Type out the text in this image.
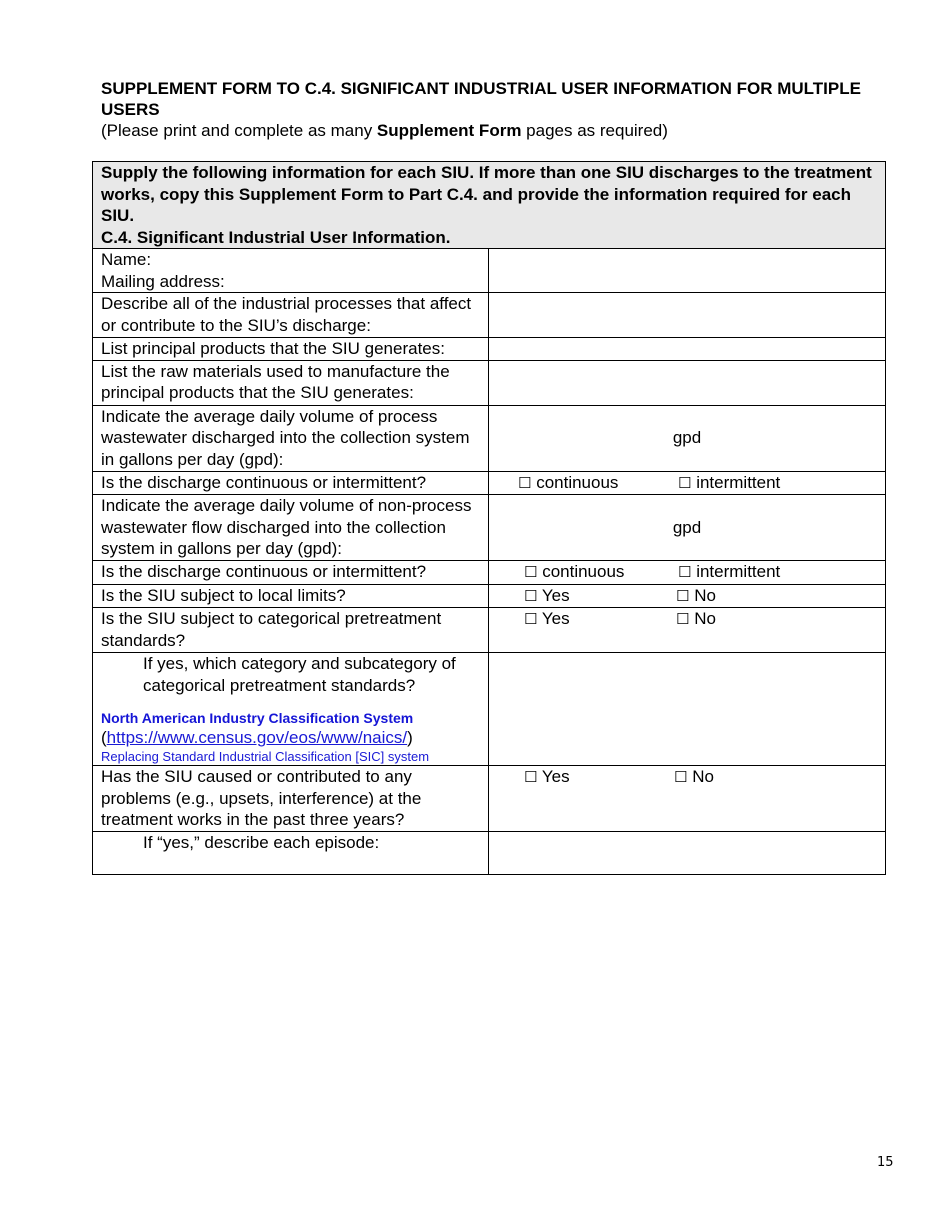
SUPPLEMENT FORM TO C.4. SIGNIFICANT INDUSTRIAL USER INFORMATION FOR MULTIPLE USERS
(Please print and complete as many Supplement Form pages as required)
Supply the following information for each SIU. If more than one SIU discharges to the treatment works, copy this Supplement Form to Part C.4. and provide the information required for each SIU.
C.4. Significant Industrial User Information.	
Name:
Mailing address:	
Describe all of the industrial processes that affect or contribute to the SIU’s discharge:	
List principal products that the SIU generates:	
List the raw materials used to manufacture the principal products that the SIU generates:	
Indicate the average daily volume of process wastewater discharged into the collection system in gallons per day (gpd):	gpd
Is the discharge continuous or intermittent?	☐ continuous ☐ intermittent
Indicate the average daily volume of non-process wastewater flow discharged into the collection system in gallons per day (gpd):	gpd
Is the discharge continuous or intermittent?	☐ continuous ☐ intermittent
Is the SIU subject to local limits?	☐ Yes ☐ No
Is the SIU subject to categorical pretreatment standards?	☐ Yes ☐ No

If yes, which category and subcategory of categorical pretreatment standards?
North American Industry Classification System
(https://www.census.gov/eos/www/naics/)
Replacing Standard Industrial Classification [SIC] system	

Has the SIU caused or contributed to any problems (e.g., upsets, interference) at the treatment works in the past three years?	☐ Yes ☐ No

If “yes,” describe each episode:	

15
